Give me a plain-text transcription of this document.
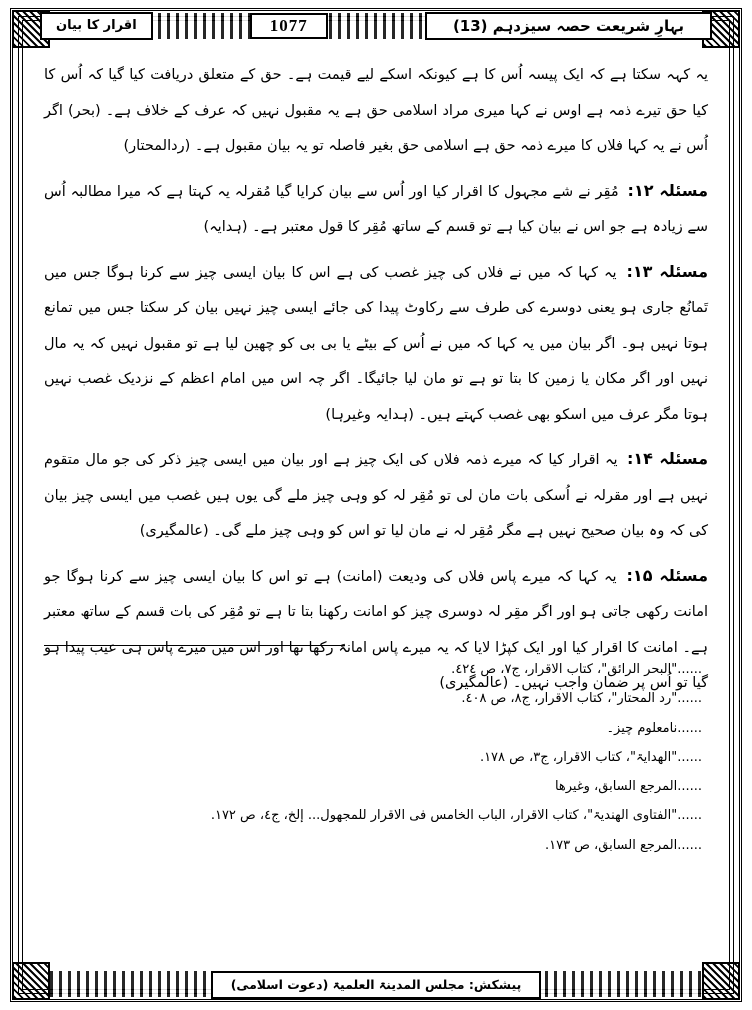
بہارِ شریعت حصہ سیزدہم (13)
1077
اقرار کا بیان

یہ کہہ سکتا ہے کہ ایک پیسہ اُس کا ہے کیونکہ اسکے لیے قیمت ہے۔ حق کے متعلق دریافت کیا گیا کہ اُس کا کیا حق تیرے ذمہ ہے اوس نے کہا میری مراد اسلامی حق ہے یہ مقبول نہیں کہ عرف کے خلاف ہے۔ (بحر) اگر اُس نے یہ کہا فلاں کا میرے ذمہ حق ہے اسلامی حق بغیر فاصلہ تو یہ بیان مقبول ہے۔ (ردالمحتار)

مسئلہ ۱۲: مُقِر نے شے مجہول کا اقرار کیا اور اُس سے بیان کرایا گیا مُقرلہ یہ کہتا ہے کہ میرا مطالبہ اُس سے زیادہ ہے جو اس نے بیان کیا ہے تو قسم کے ساتھ مُقِر کا قول معتبر ہے۔ (ہدایہ)

مسئلہ ۱۳: یہ کہا کہ میں نے فلاں کی چیز غصب کی ہے اس کا بیان ایسی چیز سے کرنا ہوگا جس میں تَمانُع جاری ہو یعنی دوسرے کی طرف سے رکاوٹ پیدا کی جائے ایسی چیز نہیں بیان کر سکتا جس میں تمانع ہوتا نہیں ہو۔ اگر بیان میں یہ کہا کہ میں نے اُس کے بیٹے یا بی بی کو چھین لیا ہے تو مقبول نہیں کہ یہ مال نہیں اور اگر مکان یا زمین کا بتا تو ہے تو مان لیا جائیگا۔ اگر چہ اس میں امام اعظم کے نزدیک غصب نہیں ہوتا مگر عرف میں اسکو بھی غصب کہتے ہیں۔ (ہدایہ وغیرہا)

مسئلہ ۱۴: یہ اقرار کیا کہ میرے ذمہ فلاں کی ایک چیز ہے اور بیان میں ایسی چیز ذکر کی جو مال متقوم نہیں ہے اور مقرلہ نے اُسکی بات مان لی تو مُقِر لہ کو وہی چیز ملے گی یوں ہیں غصب میں ایسی چیز بیان کی کہ وہ بیان صحیح نہیں ہے مگر مُقِر لہ نے مان لیا تو اس کو وہی چیز ملے گی۔ (عالمگیری)

مسئلہ ۱۵: یہ کہا کہ میرے پاس فلاں کی ودیعت (امانت) ہے تو اس کا بیان ایسی چیز سے کرنا ہوگا جو امانت رکھی جاتی ہو اور اگر مقِر لہ دوسری چیز کو امانت رکھنا بتا تا ہے تو مُقِر کی بات قسم کے ساتھ معتبر ہے۔ امانت کا اقرار کیا اور ایک کپڑا لایا کہ یہ میرے پاس امانۃً رکھا تھا اور اس میں میرے پاس ہی عیب پیدا ہو گیا تو اُس پر ضمان واجب نہیں۔ (عالمگیری)

......"البحر الرائق"، کتاب الاقرار، ج۷، ص ٤٢٤.

......"رد المحتار"، کتاب الاقرار، ج۸، ص ٤٠٨.

......نامعلوم چیز۔

......"الھدایۃ"، کتاب الاقرار، ج۳، ص ١٧٨.

......المرجع السابق، وغیرھا

......"الفتاوی الھندیۃ"، کتاب الاقرار، الباب الخامس فی الاقرار للمجھول... إلخ، ج٤، ص ١٧٢.

......المرجع السابق، ص ١٧٣.

پیشکش: مجلس المدینۃ العلمیۃ (دعوت اسلامی)
